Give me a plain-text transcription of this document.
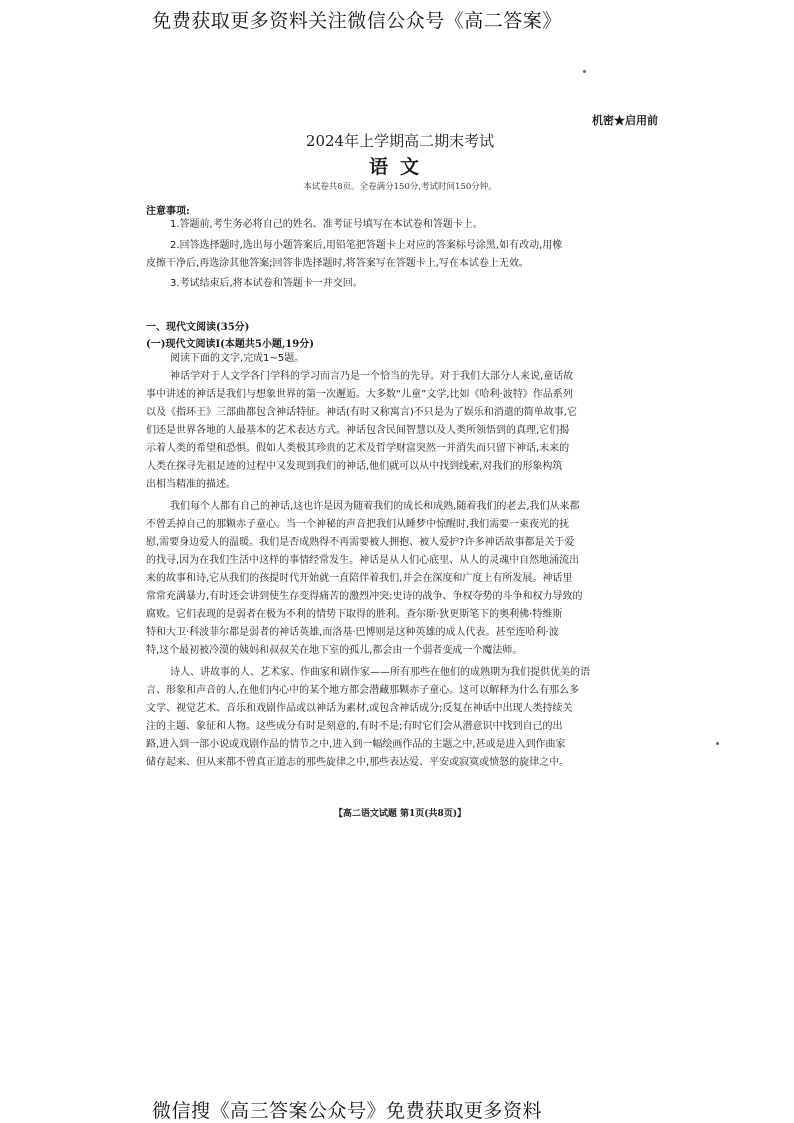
免费获取更多资料关注微信公众号《高二答案》
机密★启用前
2024年上学期高二期末考试
语文
本试卷共8页。全卷满分150分,考试时间150分钟。
注意事项:
1.答题前,考生务必将自己的姓名、准考证号填写在本试卷和答题卡上。
2.回答选择题时,选出每小题答案后,用铅笔把答题卡上对应的答案标号涂黑,如有改动,用橡
皮擦干净后,再选涂其他答案;回答非选择题时,将答案写在答题卡上,写在本试卷上无效。
3.考试结束后,将本试卷和答题卡一并交回。
一、现代文阅读(35分)
(一)现代文阅读Ⅰ(本题共5小题,19分)
阅读下面的文字,完成1~5题。
神话学对于人文学各门学科的学习而言乃是一个恰当的先导。对于我们大部分人来说,童话故
事中讲述的神话是我们与想象世界的第一次邂逅。大多数“儿童”文学,比如《哈利·波特》作品系列
以及《指环王》三部曲都包含神话特征。神话(有时又称寓言)不只是为了娱乐和消遣的简单故事,它
们还是世界各地的人最基本的艺术表达方式。神话包含民间智慧以及人类所领悟到的真理,它们揭
示着人类的希望和恐惧。假如人类极其珍贵的艺术及哲学财富突然一并消失而只留下神话,未来的
人类在探寻先祖足迹的过程中又发现到我们的神话,他们就可以从中找到线索,对我们的形象构筑
出相当精准的描述。
我们每个人都有自己的神话,这也许是因为随着我们的成长和成熟,随着我们的老去,我们从来都
不曾丢掉自己的那颗赤子童心。当一个神秘的声音把我们从睡梦中惊醒时,我们需要一束夜光的抚
慰,需要身边爱人的温暖。我们是否成熟得不再需要被人拥抱、被人爱护?许多神话故事都是关于爱
的找寻,因为在我们生活中这样的事情经常发生。神话是从人们心底里、从人的灵魂中自然地涌流出
来的故事和诗,它从我们的孩提时代开始就一直陪伴着我们,并会在深度和广度上有所发展。神话里
常常充满暴力,有时还会讲到使生存变得痛苦的激烈冲突:史诗的战争、争权夺势的斗争和权力导致的
腐败。它们表现的是弱者在极为不利的情势下取得的胜利。查尔斯·狄更斯笔下的奥利佛·特维斯
特和大卫·科波菲尔都是弱者的神话英雄,而洛基·巴博则是这种英雄的成人代表。甚至连哈利·波
特,这个最初被冷漠的姨妈和叔叔关在地下室的孤儿,都会由一个弱者变成一个魔法师。
诗人、讲故事的人、艺术家、作曲家和剧作家——所有那些在他们的成熟期为我们提供优美的语
言、形象和声音的人,在他们内心中的某个地方都会潜藏那颗赤子童心。这可以解释为什么有那么多
文学、视觉艺术、音乐和戏剧作品或以神话为素材,或包含神话成分;反复在神话中出现人类持续关
注的主题、象征和人物。这些成分有时是刻意的,有时不是;有时它们会从潜意识中找到自己的出
路,进入到一部小说或戏剧作品的情节之中,进入到一幅绘画作品的主题之中,甚或是进入到作曲家
储存起来、但从来都不曾真正道志的那些旋律之中,那些表达爱、平安或寂寞或愤怒的旋律之中。
【高二语文试题 第1页(共8页)】
微信搜《高三答案公众号》免费获取更多资料
